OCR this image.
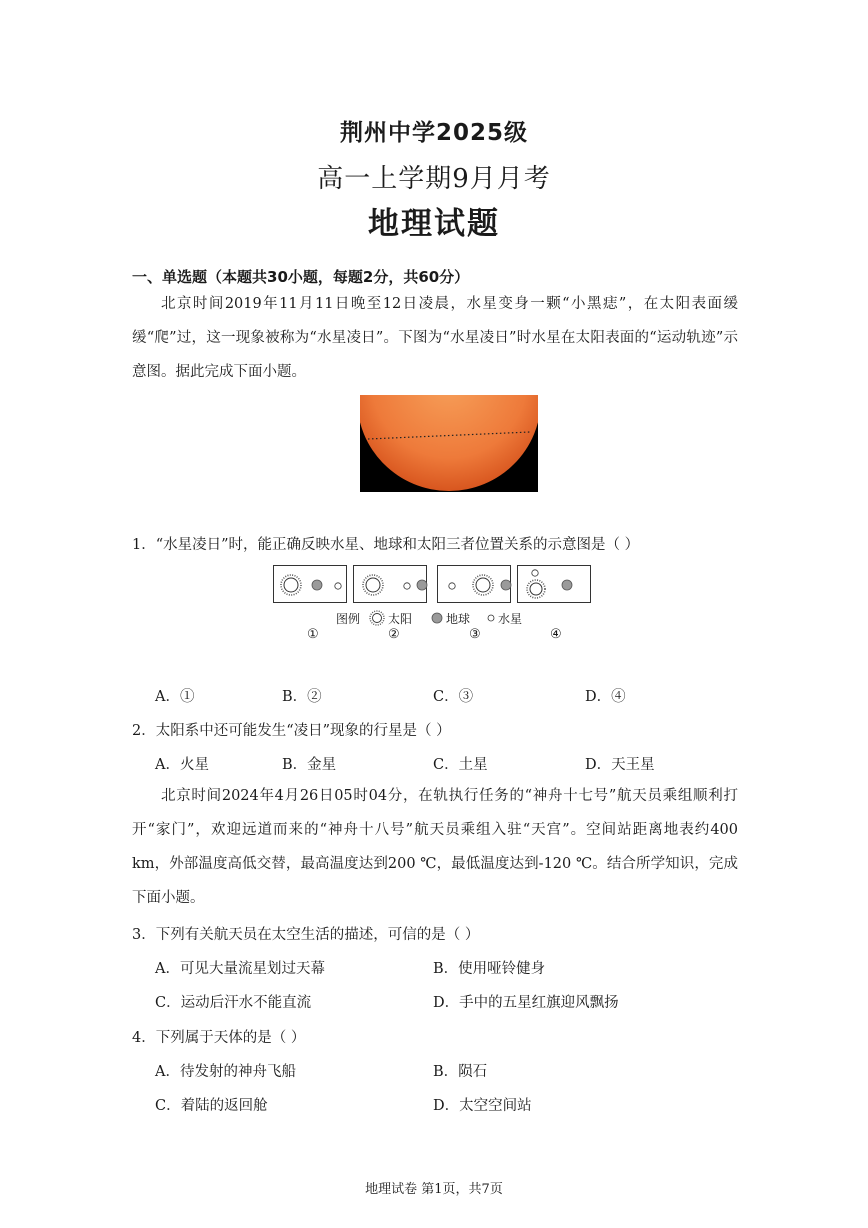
荆州中学2025级
高一上学期9月月考
地理试题
一、单选题（本题共30小题，每题2分，共60分）

北京时间2019年11月11日晚至12日凌晨，水星变身一颗“小黑痣”，在太阳表面缓缓“爬”过，这一现象被称为“水星凌日”。下图为“水星凌日”时水星在太阳表面的“运动轨迹”示意图。据此完成下面小题。

1．“水星凌日”时，能正确反映水星、地球和太阳三者位置关系的示意图是（ ）
图例 太阳	地球 水星
①	②	③	④
A．①	B．②	C．③	D．④
2．太阳系中还可能发生“凌日”现象的行星是（ ）
A．火星	B．金星	C．土星	D．天王星

北京时间2024年4月26日05时04分，在轨执行任务的“神舟十七号”航天员乘组顺利打开“家门”，欢迎远道而来的“神舟十八号”航天员乘组入驻“天宫”。空间站距离地表约400 km，外部温度高低交替，最高温度达到200 ℃，最低温度达到-120 ℃。结合所学知识，完成下面小题。

3．下列有关航天员在太空生活的描述，可信的是（ ）
A．可见大量流星划过天幕	B．使用哑铃健身
C．运动后汗水不能直流	D．手中的五星红旗迎风飘扬
4．下列属于天体的是（ ）
A．待发射的神舟飞船	B．陨石
C．着陆的返回舱	D．太空空间站
地理试卷 第1页，共7页
